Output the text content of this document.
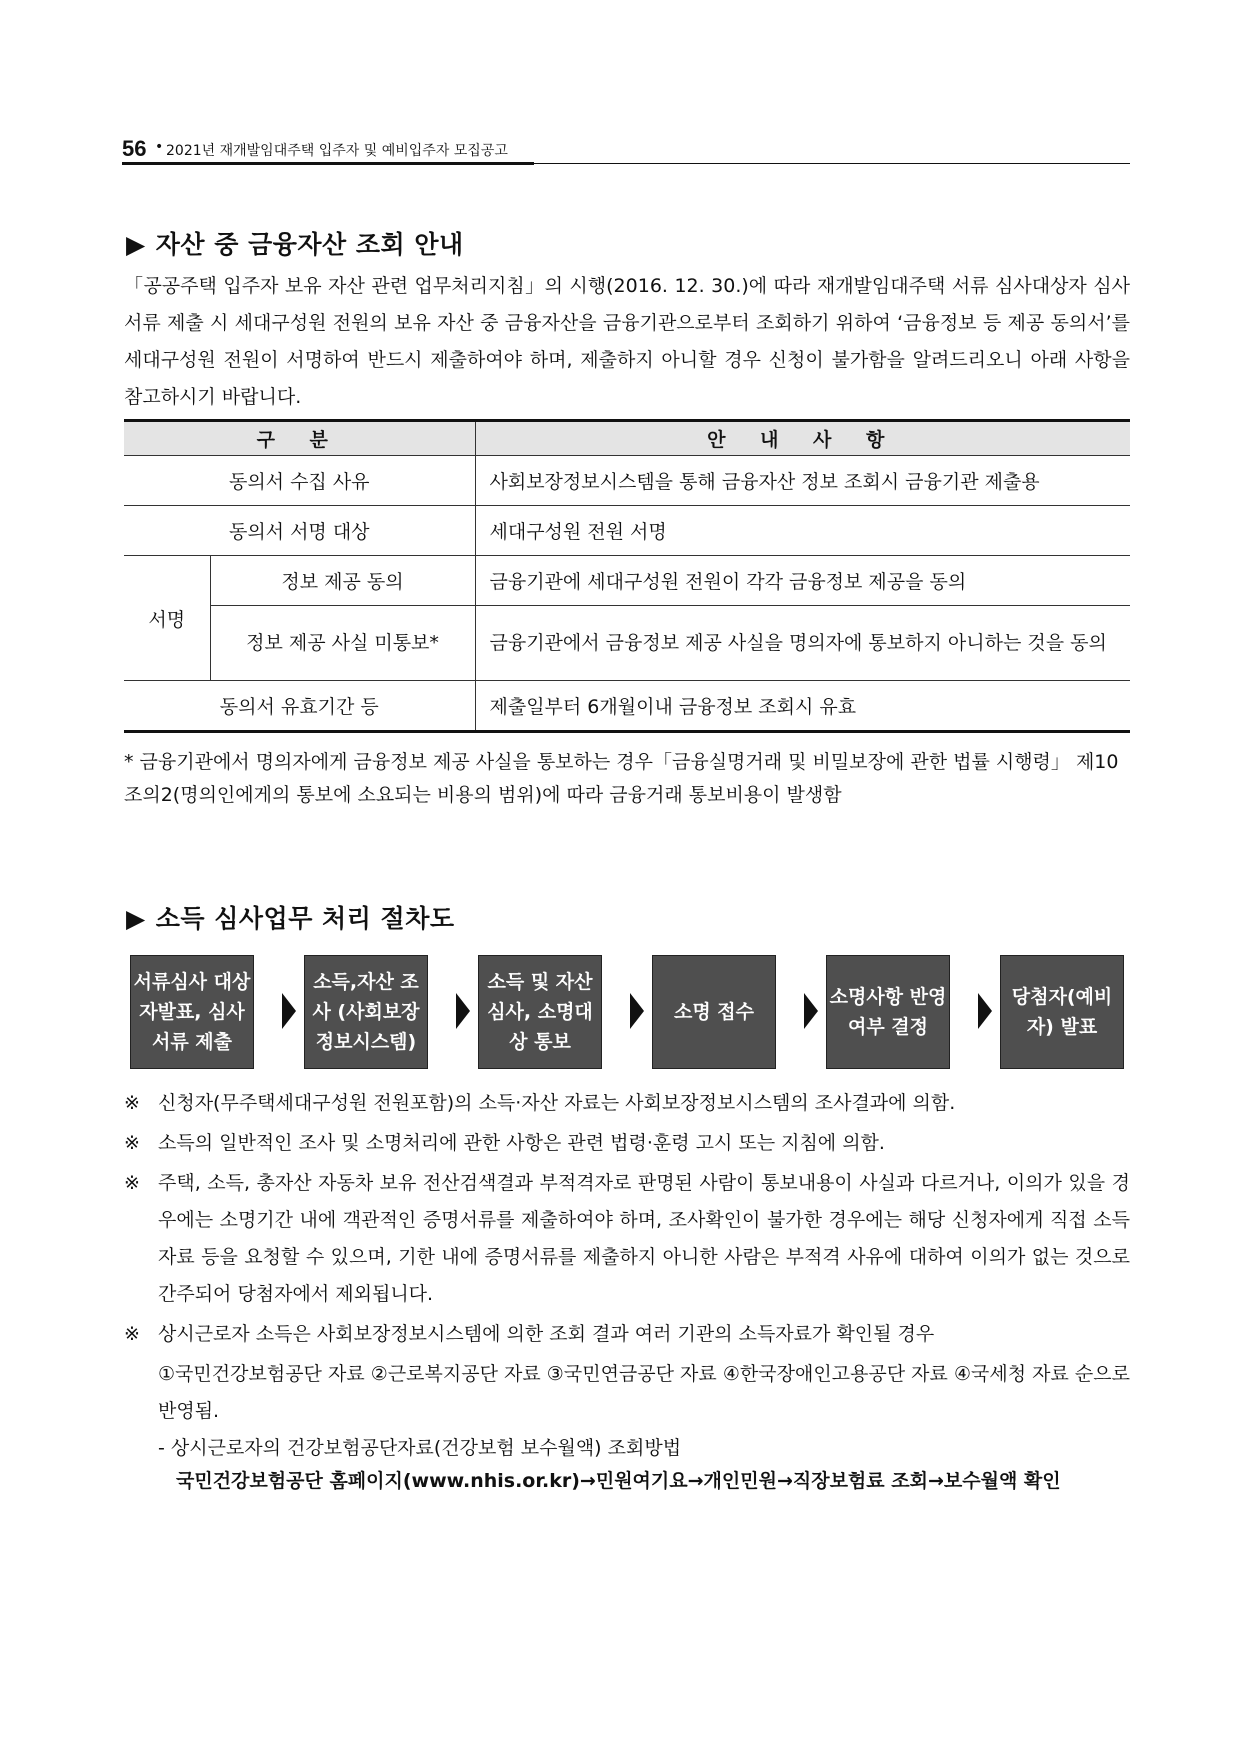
56 • 2021년 재개발임대주택 입주자 및 예비입주자 모집공고
▶ 자산 중 금융자산 조회 안내
「공공주택 입주자 보유 자산 관련 업무처리지침」의 시행(2016. 12. 30.)에 따라 재개발임대주택 서류 심사대상자 심사서류 제출 시 세대구성원 전원의 보유 자산 중 금융자산을 금융기관으로부터 조회하기 위하여 ‘금융정보 등 제공 동의서’를 세대구성원 전원이 서명하여 반드시 제출하여야 하며, 제출하지 아니할 경우 신청이 불가함을 알려드리오니 아래 사항을 참고하시기 바랍니다.
구 분		안 내 사 항
동의서 수집 사유		사회보장정보시스템을 통해 금융자산 정보 조회시 금융기관 제출용
동의서 서명 대상		세대구성원 전원 서명
서명	정보 제공 동의	금융기관에 세대구성원 전원이 각각 금융정보 제공을 동의
	정보 제공 사실 미통보*	금융기관에서 금융정보 제공 사실을 명의자에 통보하지 아니하는 것을 동의
동의서 유효기간 등		제출일부터 6개월이내 금융정보 조회시 유효
* 금융기관에서 명의자에게 금융정보 제공 사실을 통보하는 경우「금융실명거래 및 비밀보장에 관한 법률 시행령」 제10조의2(명의인에게의 통보에 소요되는 비용의 범위)에 따라 금융거래 통보비용이 발생함
▶ 소득 심사업무 처리 절차도
서류심사 대상자발표, 심사서류 제출
소득,자산 조사 (사회보장 정보시스템)
소득 및 자산 심사, 소명대상 통보
소명 접수
소명사항 반영여부 결정
당첨자(예비자) 발표
※ 신청자(무주택세대구성원 전원포함)의 소득·자산 자료는 사회보장정보시스템의 조사결과에 의함.
※ 소득의 일반적인 조사 및 소명처리에 관한 사항은 관련 법령·훈령 고시 또는 지침에 의함.
※ 주택, 소득, 총자산 자동차 보유 전산검색결과 부적격자로 판명된 사람이 통보내용이 사실과 다르거나, 이의가 있을 경우에는 소명기간 내에 객관적인 증명서류를 제출하여야 하며, 조사확인이 불가한 경우에는 해당 신청자에게 직접 소득자료 등을 요청할 수 있으며, 기한 내에 증명서류를 제출하지 아니한 사람은 부적격 사유에 대하여 이의가 없는 것으로 간주되어 당첨자에서 제외됩니다.
※ 상시근로자 소득은 사회보장정보시스템에 의한 조회 결과 여러 기관의 소득자료가 확인될 경우
①국민건강보험공단 자료 ②근로복지공단 자료 ③국민연금공단 자료 ④한국장애인고용공단 자료 ④국세청 자료 순으로 반영됨.
- 상시근로자의 건강보험공단자료(건강보험 보수월액) 조회방법
국민건강보험공단 홈페이지(www.nhis.or.kr)→민원여기요→개인민원→직장보험료 조회→보수월액 확인
